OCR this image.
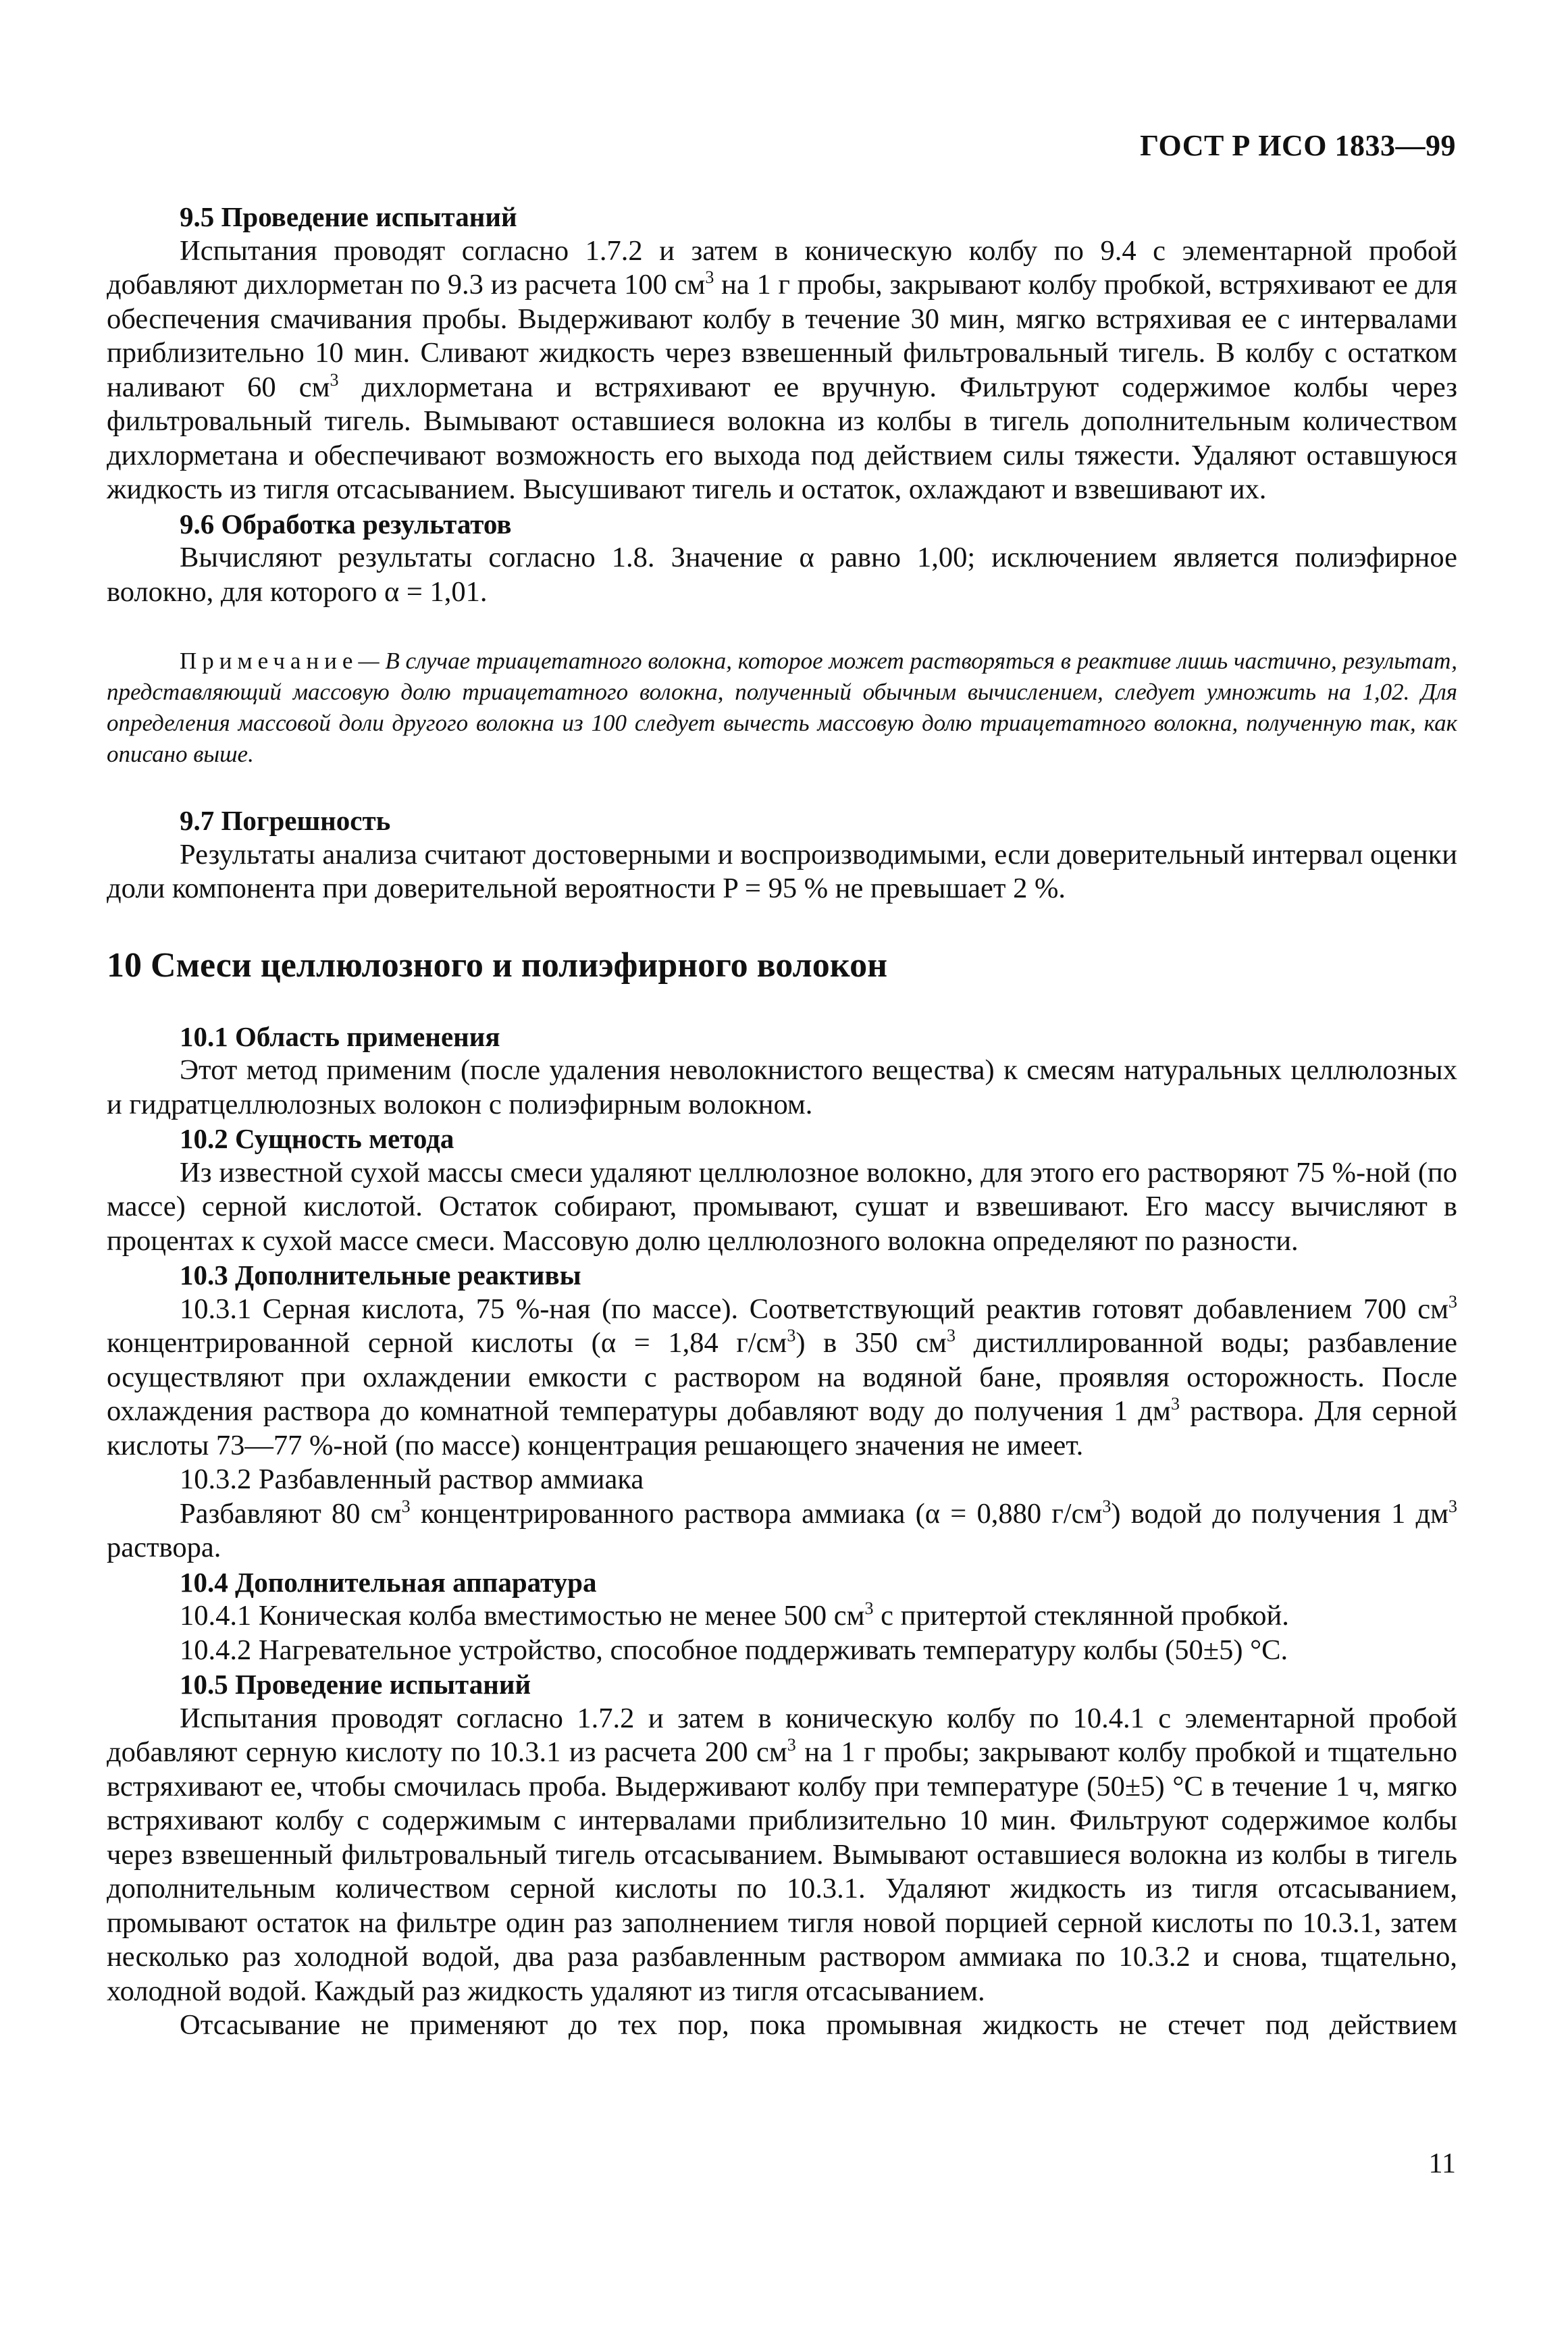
ГОСТ Р ИСО 1833—99

9.5 Проведение испытаний

Испытания проводят согласно 1.7.2 и затем в коническую колбу по 9.4 с элементарной пробой добавляют дихлорметан по 9.3 из расчета 100 $см^3$ на 1 г пробы, закрывают колбу пробкой, встряхивают ее для обеспечения смачивания пробы. Выдерживают колбу в течение 30 мин, мягко встряхивая ее с интервалами приблизительно 10 мин. Сливают жидкость через взвешенный фильтровальный тигель. В колбу с остатком наливают 60 $см^3$ дихлорметана и встряхивают ее вручную. Фильтруют содержимое колбы через фильтровальный тигель. Вымывают оставшиеся волокна из колбы в тигель дополнительным количеством дихлорметана и обеспечивают возможность его выхода под действием силы тяжести. Удаляют оставшуюся жидкость из тигля отсасыванием. Высушивают тигель и остаток, охлаждают и взвешивают их.

9.6 Обработка результатов

Вычисляют результаты согласно 1.8. Значение α равно 1,00; исключением является полиэфирное волокно, для которого α = 1,01.

Примечание— В случае триацетатного волокна, которое может растворяться в реактиве лишь частично, результат, представляющий массовую долю триацетатного волокна, полученный обычным вычислением, следует умножить на 1,02. Для определения массовой доли другого волокна из 100 следует вычесть массовую долю триацетатного волокна, полученную так, как описано выше.

9.7 Погрешность

Результаты анализа считают достоверными и воспроизводимыми, если доверительный интервал оценки доли компонента при доверительной вероятности P = 95 % не превышает 2 %.

10 Смеси целлюлозного и полиэфирного волокон

10.1 Область применения

Этот метод применим (после удаления неволокнистого вещества) к смесям натуральных целлюлозных и гидратцеллюлозных волокон с полиэфирным волокном.

10.2 Сущность метода

Из известной сухой массы смеси удаляют целлюлозное волокно, для этого его растворяют 75 %-ной (по массе) серной кислотой. Остаток собирают, промывают, сушат и взвешивают. Его массу вычисляют в процентах к сухой массе смеси. Массовую долю целлюлозного волокна определяют по разности.

10.3 Дополнительные реактивы

10.3.1 Серная кислота, 75 %-ная (по массе). Соответствующий реактив готовят добавлением 700 $см^3$ концентрированной серной кислоты (α = 1,84 $г/см^3$) в 350 $см^3$ дистиллированной воды; разбавление осуществляют при охлаждении емкости с раствором на водяной бане, проявляя осторожность. После охлаждения раствора до комнатной температуры добавляют воду до получения 1 $дм^3$ раствора. Для серной кислоты 73—77 %-ной (по массе) концентрация решающего значения не имеет.

10.3.2 Разбавленный раствор аммиака

Разбавляют 80 $см^3$ концентрированного раствора аммиака (α = 0,880 $г/см^3$) водой до получения 1 $дм^3$ раствора.

10.4 Дополнительная аппаратура

10.4.1 Коническая колба вместимостью не менее 500 $см^3$ с притертой стеклянной пробкой.

10.4.2 Нагревательное устройство, способное поддерживать температуру колбы (50±5) °С.

10.5 Проведение испытаний

Испытания проводят согласно 1.7.2 и затем в коническую колбу по 10.4.1 с элементарной пробой добавляют серную кислоту по 10.3.1 из расчета 200 $см^3$ на 1 г пробы; закрывают колбу пробкой и тщательно встряхивают ее, чтобы смочилась проба. Выдерживают колбу при температуре (50±5) °С в течение 1 ч, мягко встряхивают колбу с содержимым с интервалами приблизительно 10 мин. Фильтруют содержимое колбы через взвешенный фильтровальный тигель отсасыванием. Вымывают оставшиеся волокна из колбы в тигель дополнительным количеством серной кислоты по 10.3.1. Удаляют жидкость из тигля отсасыванием, промывают остаток на фильтре один раз заполнением тигля новой порцией серной кислоты по 10.3.1, затем несколько раз холодной водой, два раза разбавленным раствором аммиака по 10.3.2 и снова, тщательно, холодной водой. Каждый раз жидкость удаляют из тигля отсасыванием.

Отсасывание не применяют до тех пор, пока промывная жидкость не стечет под действием

11
